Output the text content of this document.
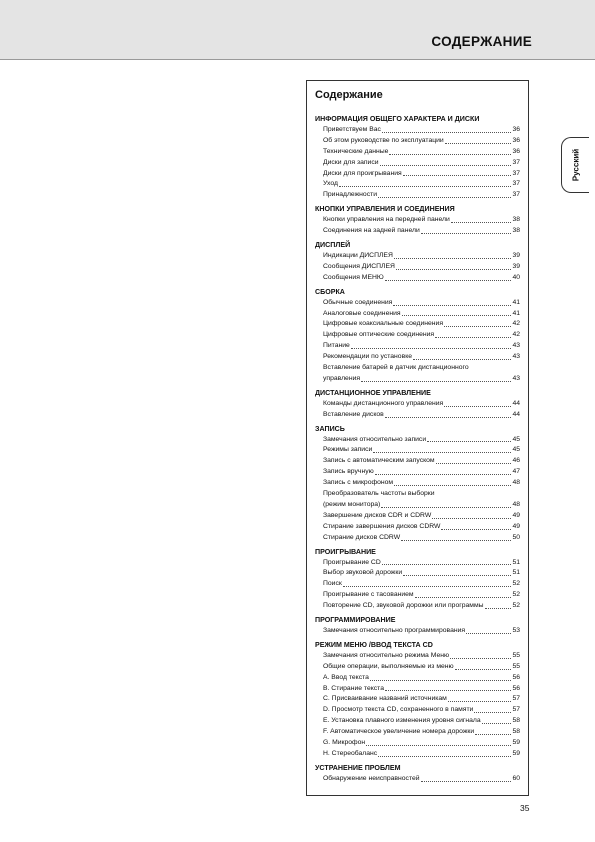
СОДЕРЖАНИЕ
Содержание
ИНФОРМАЦИЯ ОБЩЕГО ХАРАКТЕРА И ДИСКИ
Приветствуем Вас	36
Об этом руководстве по эксплуатации	36
Технические данные	36
Диски для записи	37
Диски для проигрывания	37
Уход	37
Принадлежности	37
КНОПКИ УПРАВЛЕНИЯ И СОЕДИНЕНИЯ
Кнопки управления на передней панели	38
Соединения на задней панели	38
ДИСПЛЕЙ
Индикации ДИСПЛЕЯ	39
Сообщения ДИСПЛЕЯ	39
Сообщения МЕНЮ	40
СБОРКА
Обычные соединения	41
Аналоговые соединения	41
Цифровые коаксиальные соединения	42
Цифровые оптические соединения	42
Питание	43
Рекомендации по установке	43
Вставление батарей в датчик дистанционного
управления	43
ДИСТАНЦИОННОЕ УПРАВЛЕНИЕ
Команды дистанционного управления	44
Вставление дисков	44
ЗАПИСЬ
Замечания относительно записи	45
Режимы записи	45
Запись с автоматическим запуском	46
Запись вручную	47
Запись с микрофоном	48
Преобразователь частоты выборки
(режим монитора)	48
Завершение дисков CDR и CDRW	49
Стирание завершения дисков CDRW	49
Стирание дисков CDRW	50
ПРОИГРЫВАНИЕ
Проигрывание CD	51
Выбор звуковой дорожки	51
Поиск	52
Проигрывание с тасованием	52
Повторение CD, звуковой дорожки или программы	52
ПРОГРАММИРОВАНИЕ
Замечания относительно программирования	53
РЕЖИМ МЕНЮ /ВВОД ТЕКСТА CD
Замечания относительно режима Меню	55
Общие операции, выполняемые из меню	55
A. Ввод текста	56
B. Стирание текста	56
C. Присваивание названий источникам	57
D. Просмотр текста CD, сохраненного в памяти	57
E. Установка плавного изменения уровня сигнала	58
F. Автоматическое увеличение номера дорожки	58
G. Микрофон	59
H. Стереобаланс	59
УСТРАНЕНИЕ ПРОБЛЕМ
Обнаружение неисправностей	60
Русский
35
